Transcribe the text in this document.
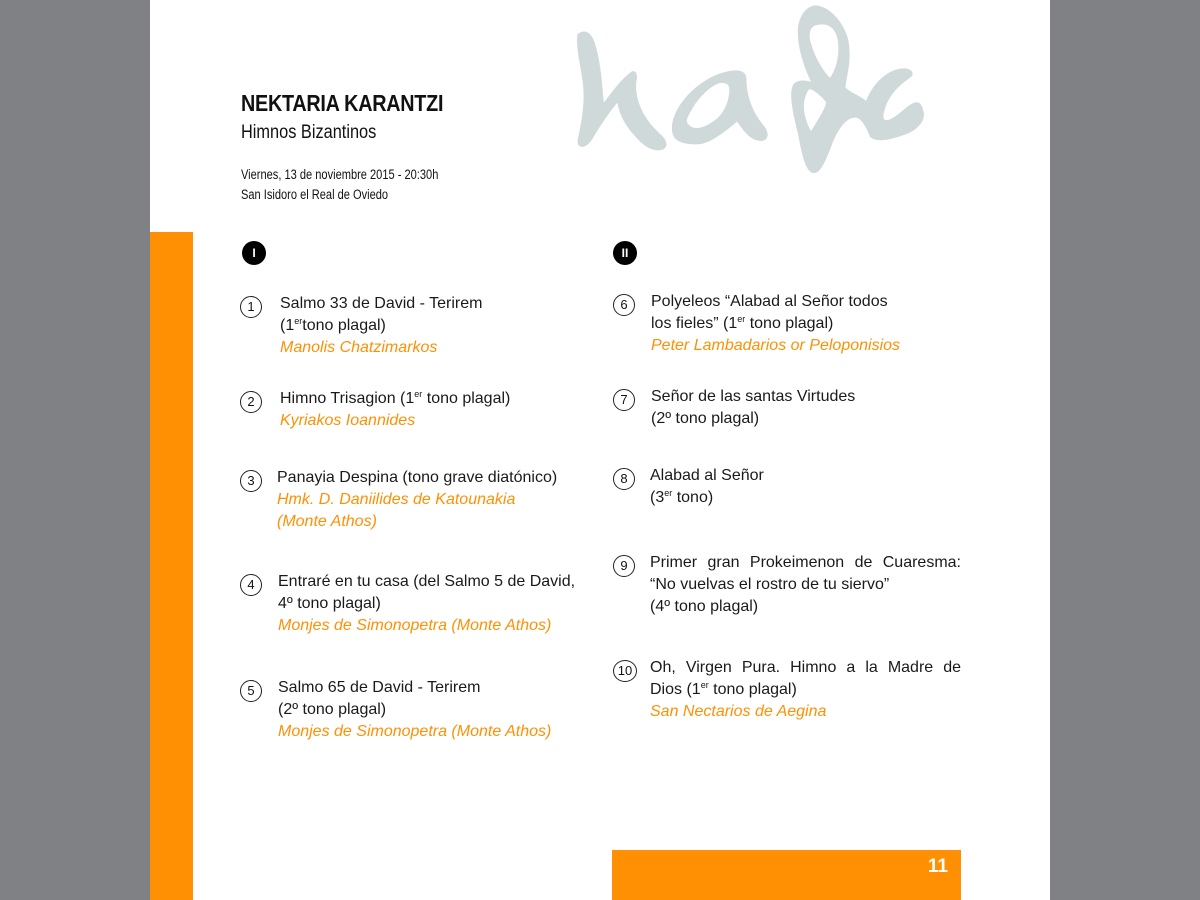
NEKTARIA KARANTZI
Himnos Bizantinos
Viernes, 13 de noviembre 2015 - 20:30h
San Isidoro el Real de Oviedo
I	II
1	Salmo 33 de David - Terirem
(1ertono plagal)
Manolis Chatzimarkos
2	Himno Trisagion (1er tono plagal)
Kyriakos Ioannides
3	Panayia Despina (tono grave diatónico)
Hmk. D. Daniilides de Katounakia
(Monte Athos)
4	Entraré en tu casa (del Salmo 5 de David,
4º tono plagal)
Monjes de Simonopetra (Monte Athos)
5	Salmo 65 de David - Terirem
(2º tono plagal)
Monjes de Simonopetra (Monte Athos)
6	Polyeleos “Alabad al Señor todos
los fieles” (1er tono plagal)
Peter Lambadarios or Peloponisios
7	Señor de las santas Virtudes
(2º tono plagal)
8	Alabad al Señor
(3er tono)
9	Primer gran Prokeimenon de Cuaresma:
“No vuelvas el rostro de tu siervo”
(4º tono plagal)
10 Oh, Virgen Pura. Himno a la Madre de
Dios (1er tono plagal)
San Nectarios de Aegina
11
